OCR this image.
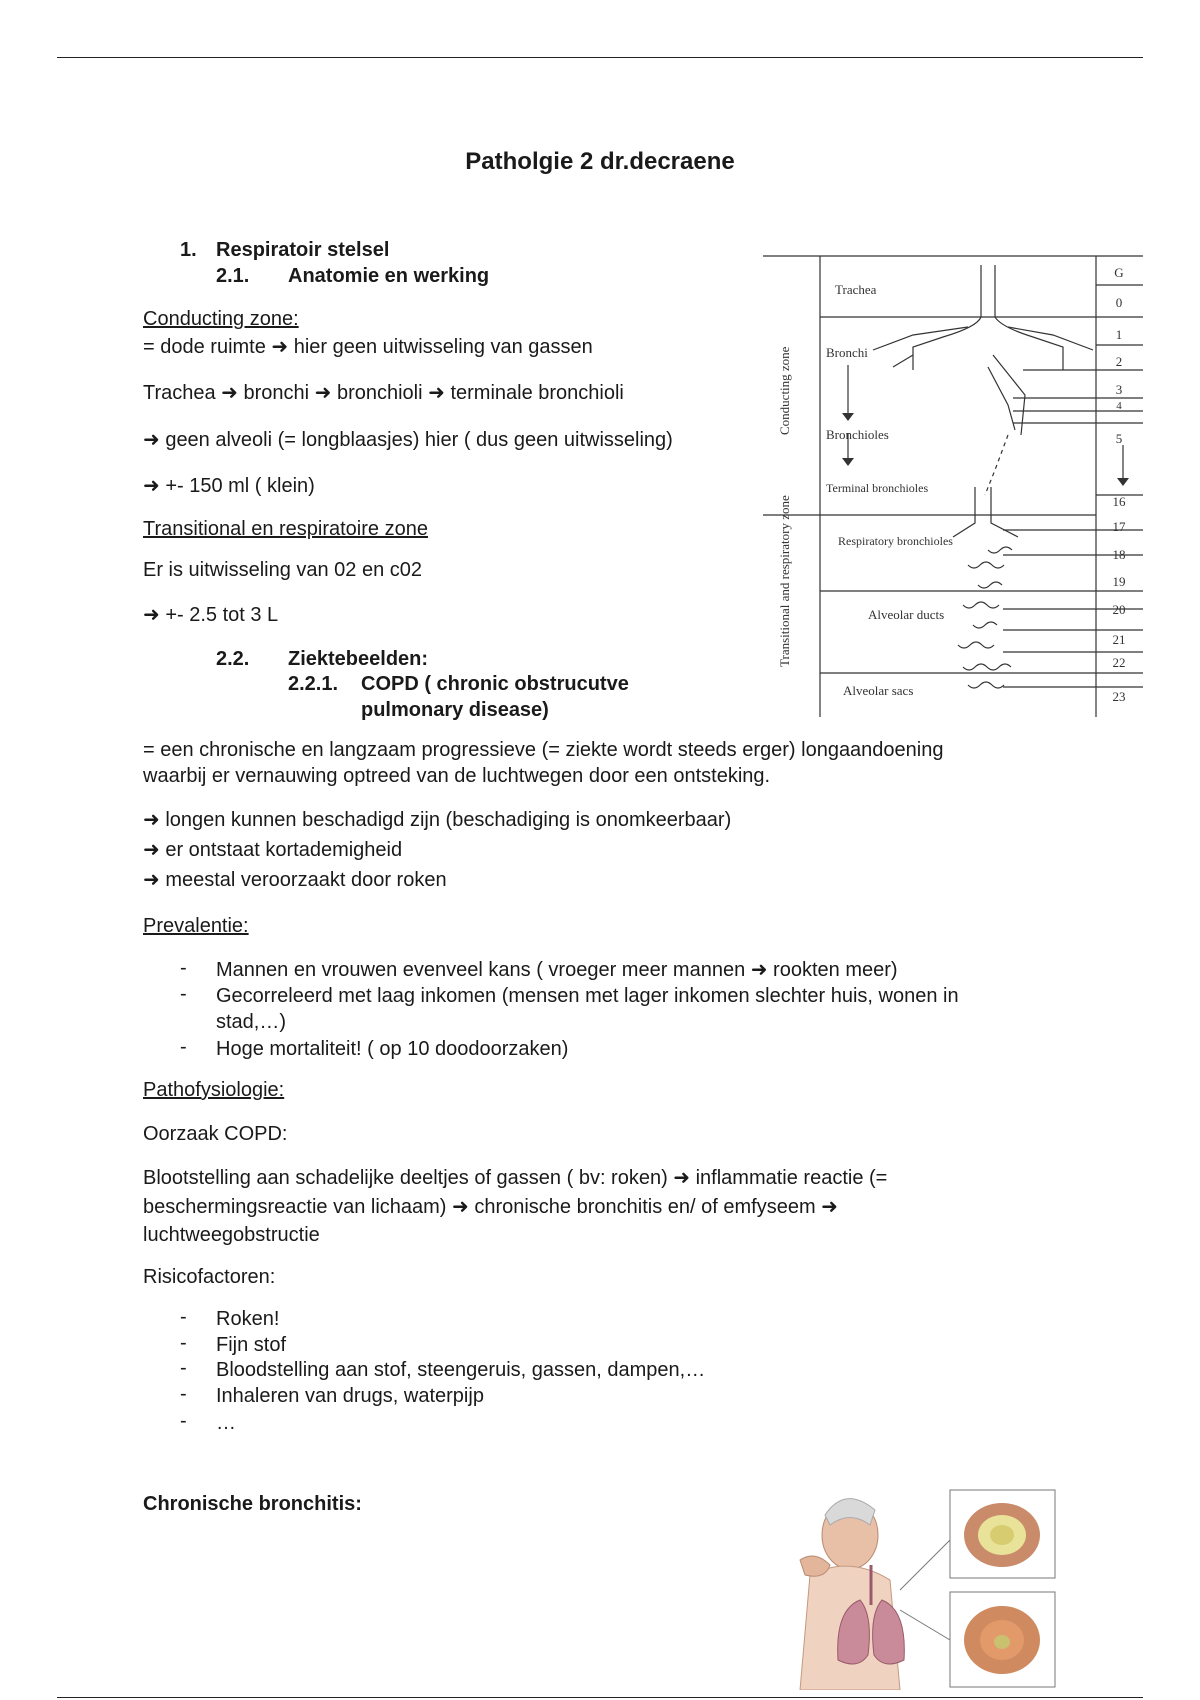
Patholgie 2 dr.decraene
1. Respiratoir stelsel
2.1. Anatomie en werking
Conducting zone:
= dode ruimte ➜ hier geen uitwisseling van gassen
Trachea ➜ bronchi ➜ bronchioli ➜ terminale bronchioli
➜ geen alveoli (= longblaasjes) hier ( dus geen uitwisseling)
➜ +- 150 ml ( klein)
Transitional en respiratoire zone
Er is uitwisseling van 02 en c02
➜ +- 2.5 tot 3 L
2.2. Ziektebeelden:
2.2.1. COPD ( chronic obstrucutve
pulmonary disease)
= een chronische en langzaam progressieve (= ziekte wordt steeds erger) longaandoening
waarbij er vernauwing optreed van de luchtwegen door een ontsteking.
➜ longen kunnen beschadigd zijn (beschadiging is onomkeerbaar)
➜ er ontstaat kortademigheid
➜ meestal veroorzaakt door roken
Prevalentie:
- Mannen en vrouwen evenveel kans ( vroeger meer mannen ➜ rookten meer)
- Gecorreleerd met laag inkomen (mensen met lager inkomen slechter huis, wonen in
stad,…)
- Hoge mortaliteit! ( op 10 doodoorzaken)
Pathofysiologie:
Oorzaak COPD:
Blootstelling aan schadelijke deeltjes of gassen ( bv: roken) ➜ inflammatie reactie (=
beschermingsreactie van lichaam) ➜ chronische bronchitis en/ of emfyseem ➜
luchtweegobstructie
Risicofactoren:
- Roken!
- Fijn stof
- Bloodstelling aan stof, steengeruis, gassen, dampen,…
- Inhaleren van drugs, waterpijp
- …
Chronische bronchitis:
Conducting zone
Transitional and respiratory zone
G
Trachea
Bronchi
Bronchioles
Terminal bronchioles
Respiratory bronchioles
Alveolar ducts
Alveolar sacs
0
1
2
3
4
5
16
17
18
19
20
21
22
23
